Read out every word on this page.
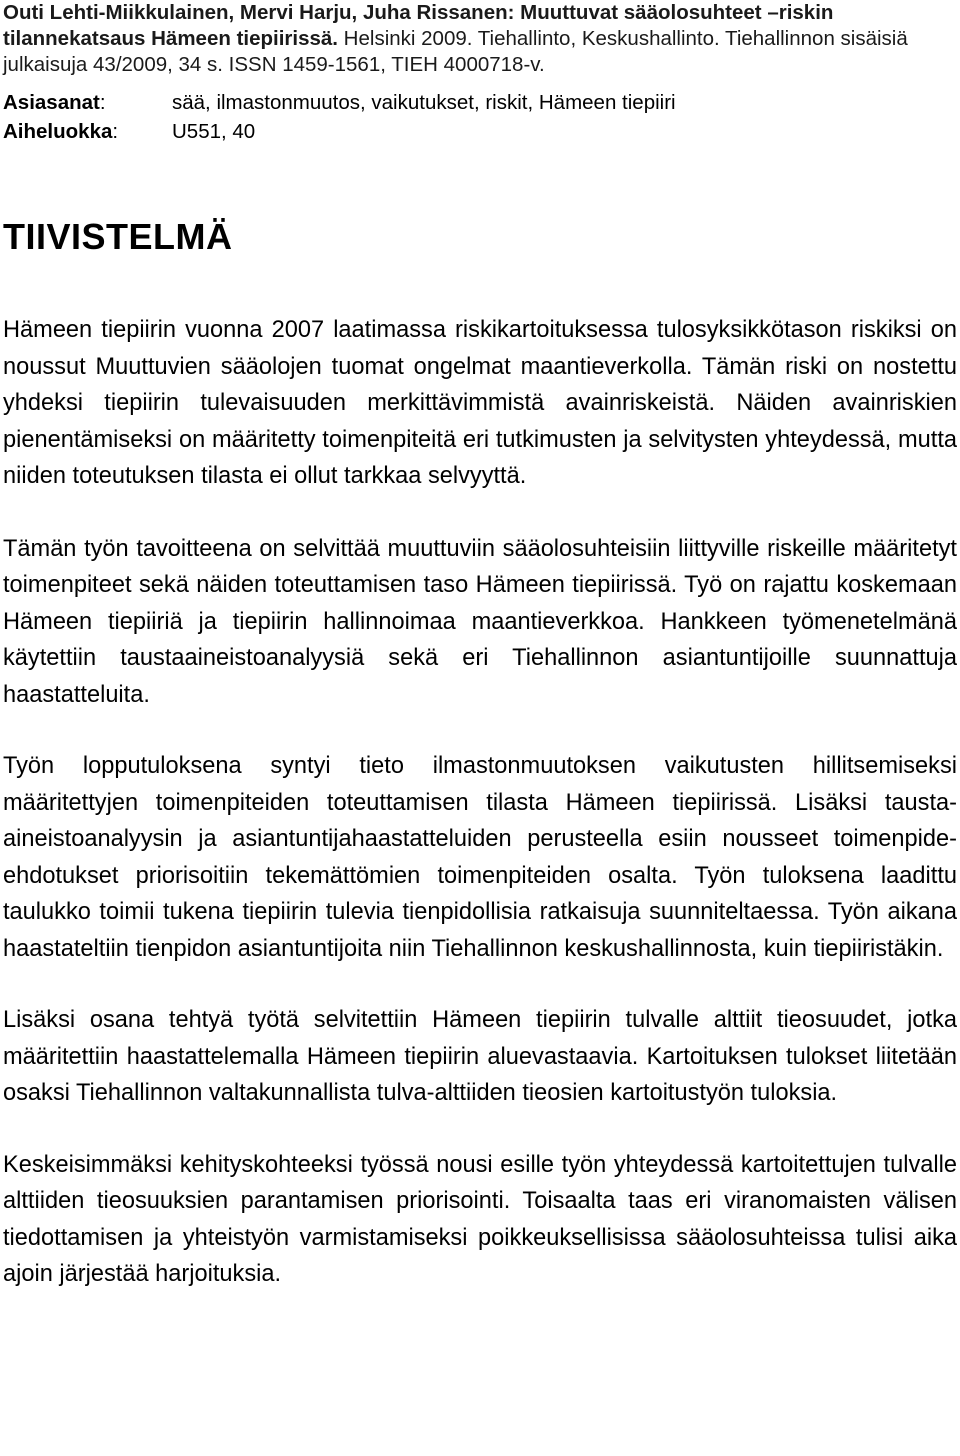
Outi Lehti-Miikkulainen, Mervi Harju, Juha Rissanen: Muuttuvat sääolosuhteet –riskin tilannekatsaus Hämeen tiepiirissä. Helsinki 2009. Tiehallinto, Keskushallinto. Tiehallinnon sisäisiä julkaisuja 43/2009, 34 s. ISSN 1459-1561, TIEH 4000718-v.
Asiasanat:	sää, ilmastonmuutos, vaikutukset, riskit, Hämeen tiepiiri
Aiheluokka:	U551, 40
TIIVISTELMÄ

Hämeen tiepiirin vuonna 2007 laatimassa riskikartoituksessa tulosyksikkötason riskiksi on noussut Muuttuvien sääolojen tuomat ongelmat maantieverkolla. Tämän riski on nostettu yhdeksi tiepiirin tulevaisuuden merkittävimmistä avainriskeistä. Näiden avainriskien pienentämiseksi on määritetty toimenpiteitä eri tutkimusten ja selvitysten yhteydessä, mutta niiden toteutuksen tilasta ei ollut tarkkaa selvyyttä.

Tämän työn tavoitteena on selvittää muuttuviin sääolosuhteisiin liittyville riskeille määritetyt toimenpiteet sekä näiden toteuttamisen taso Hämeen tiepiirissä. Työ on rajattu koskemaan Hämeen tiepiiriä ja tiepiirin hallinnoimaa maantieverkkoa. Hankkeen työmenetelmänä käytettiin taustaaineistoanalyysiä sekä eri Tiehallinnon asiantuntijoille suunnattuja haastatteluita.

Työn lopputuloksena syntyi tieto ilmastonmuutoksen vaikutusten hillitsemiseksi määritettyjen toimenpiteiden toteuttamisen tilasta Hämeen tiepiirissä. Lisäksi tausta-aineistoanalyysin ja asiantuntijahaastatteluiden perusteella esiin nousseet toimenpide-ehdotukset priorisoitiin tekemättömien toimenpiteiden osalta. Työn tuloksena laadittu taulukko toimii tukena tiepiirin tulevia tienpidollisia ratkaisuja suunniteltaessa. Työn aikana haastateltiin tienpidon asiantuntijoita niin Tiehallinnon keskushallinnosta, kuin tiepiiristäkin.

Lisäksi osana tehtyä työtä selvitettiin Hämeen tiepiirin tulvalle alttiit tieosuudet, jotka määritettiin haastattelemalla Hämeen tiepiirin aluevastaavia. Kartoituksen tulokset liitetään osaksi Tiehallinnon valtakunnallista tulva-alttiiden tieosien kartoitustyön tuloksia.

Keskeisimmäksi kehityskohteeksi työssä nousi esille työn yhteydessä kartoitettujen tulvalle alttiiden tieosuuksien parantamisen priorisointi. Toisaalta taas eri viranomaisten välisen tiedottamisen ja yhteistyön varmistamiseksi poikkeuksellisissa sääolosuhteissa tulisi aika ajoin järjestää harjoituksia.
